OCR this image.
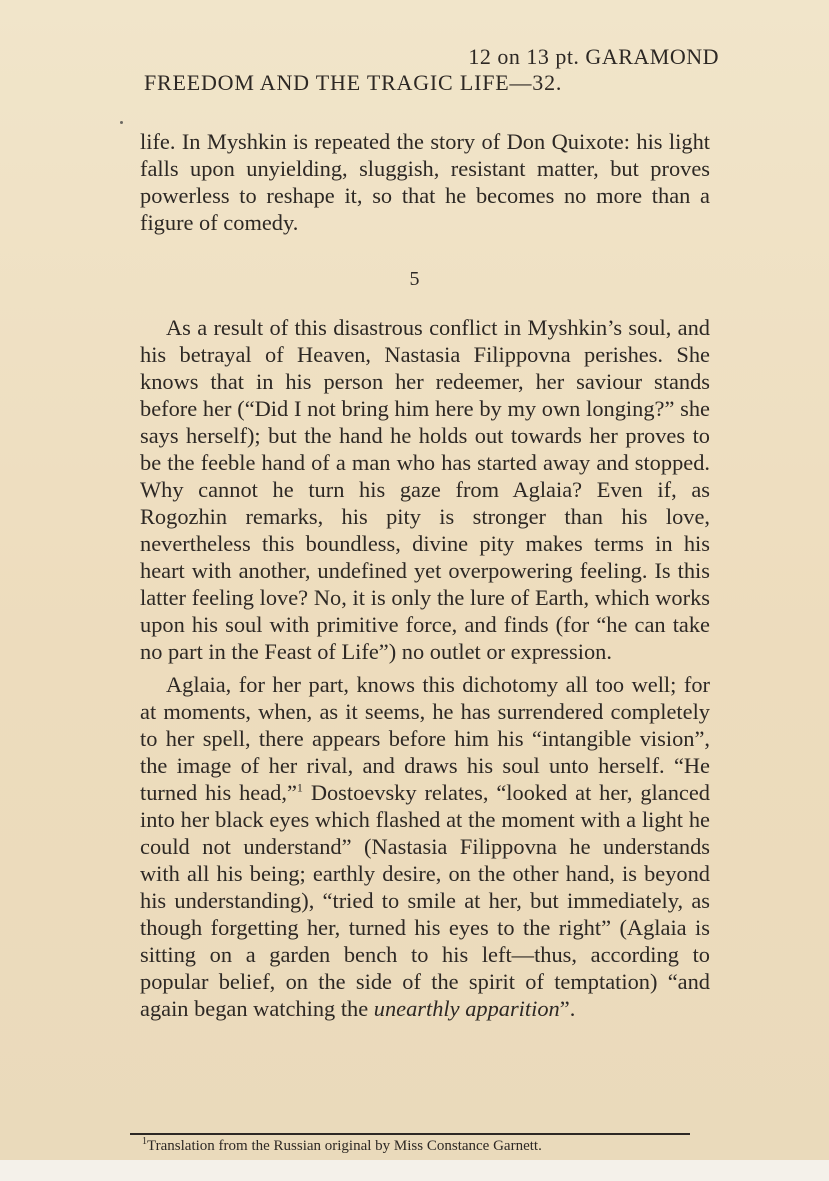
12 on 13 pt. GARAMOND
FREEDOM AND THE TRAGIC LIFE—32.

life. In Myshkin is repeated the story of Don Quixote: his light falls upon unyielding, sluggish, resistant matter, but proves powerless to reshape it, so that he becomes no more than a figure of comedy.

5

As a result of this disastrous conflict in Myshkin’s soul, and his betrayal of Heaven, Nastasia Filippovna perishes. She knows that in his person her redeemer, her saviour stands before her (“Did I not bring him here by my own longing?” she says herself); but the hand he holds out towards her proves to be the feeble hand of a man who has started away and stopped. Why cannot he turn his gaze from Aglaia? Even if, as Rogozhin remarks, his pity is stronger than his love, nevertheless this boundless, divine pity makes terms in his heart with another, undefined yet overpowering feeling. Is this latter feeling love? No, it is only the lure of Earth, which works upon his soul with primitive force, and finds (for “he can take no part in the Feast of Life”) no outlet or expression.

Aglaia, for her part, knows this dichotomy all too well; for at moments, when, as it seems, he has surrendered completely to her spell, there appears before him his “intangible vision”, the image of her rival, and draws his soul unto herself. “He turned his head,”$^1$ Dostoevsky relates, “looked at her, glanced into her black eyes which flashed at the moment with a light he could not understand” (Nastasia Filippovna he understands with all his being; earthly desire, on the other hand, is beyond his understanding), “tried to smile at her, but immediately, as though forgetting her, turned his eyes to the right” (Aglaia is sitting on a garden bench to his left—thus, according to popular belief, on the side of the spirit of temptation) “and again began watching the unearthly apparition”.

$^1$Translation from the Russian original by Miss Constance Garnett.
